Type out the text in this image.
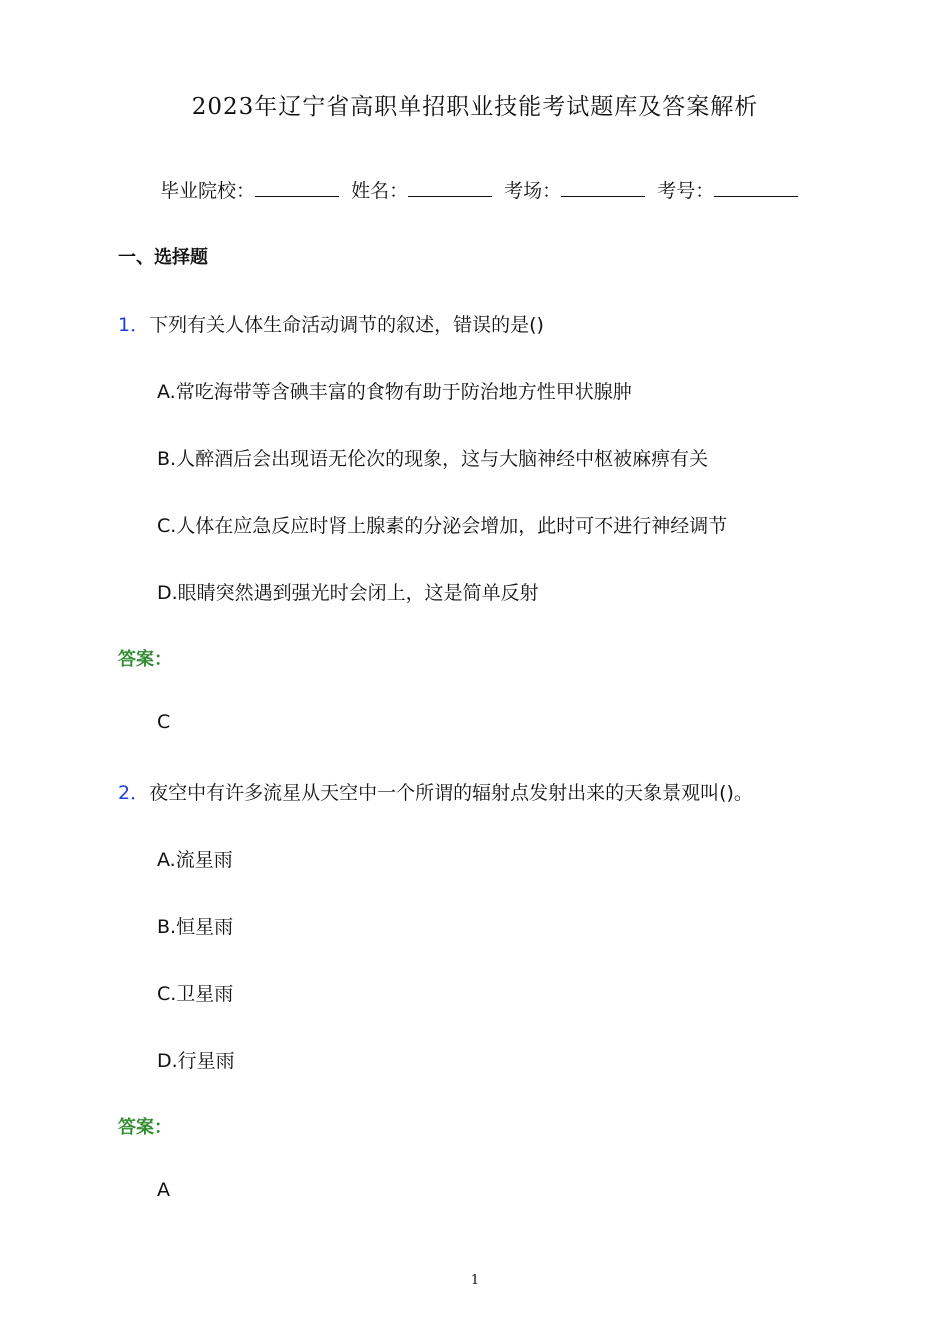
2023年辽宁省高职单招职业技能考试题库及答案解析
毕业院校：	姓名：	考场：	考号：
一、选择题
1．下列有关人体生命活动调节的叙述，错误的是()
A.常吃海带等含碘丰富的食物有助于防治地方性甲状腺肿
B.人醉酒后会出现语无伦次的现象，这与大脑神经中枢被麻痹有关
C.人体在应急反应时肾上腺素的分泌会增加，此时可不进行神经调节
D.眼睛突然遇到强光时会闭上，这是简单反射
答案：
C
2．夜空中有许多流星从天空中一个所谓的辐射点发射出来的天象景观叫()。
A.流星雨
B.恒星雨
C.卫星雨
D.行星雨
答案：
A
1
